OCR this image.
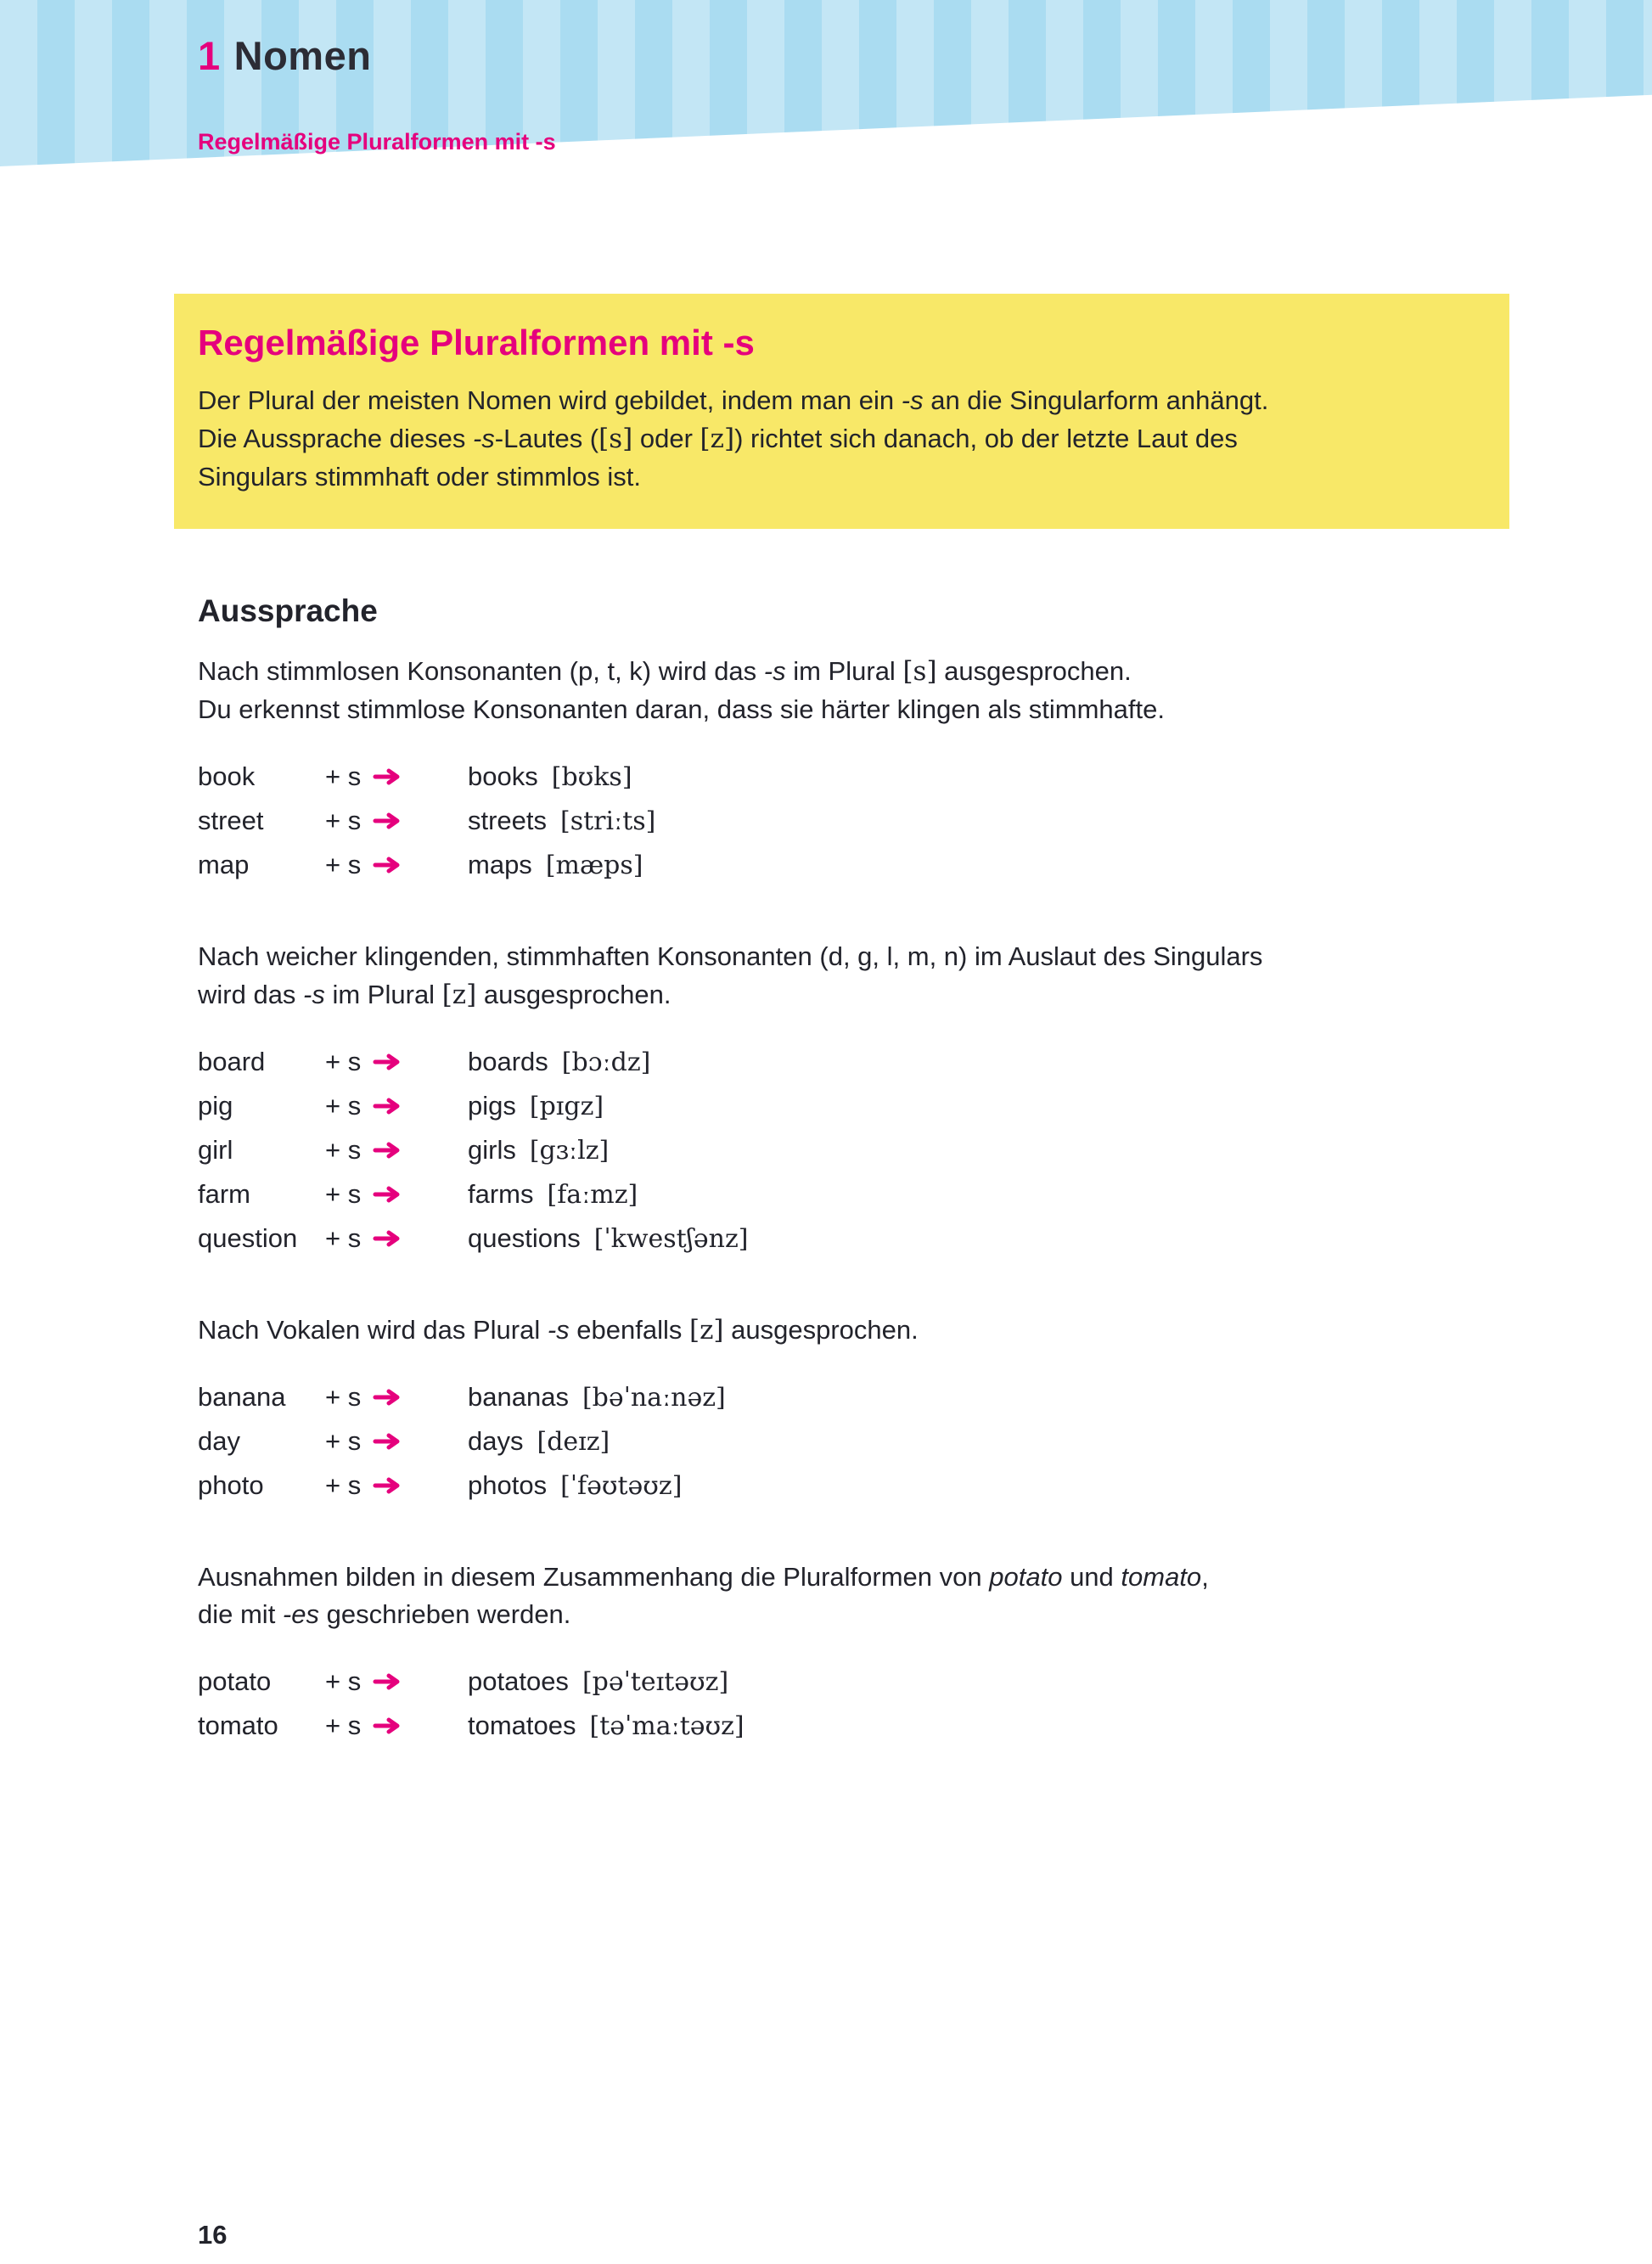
1 Nomen
Regelmäßige Pluralformen mit -s
Regelmäßige Pluralformen mit -s

Der Plural der meisten Nomen wird gebildet, indem man ein -s an die Singularform anhängt.
Die Aussprache dieses -s-Lautes ([s] oder [z]) richtet sich danach, ob der letzte Laut des
Singulars stimmhaft oder stimmlos ist.

Aussprache

Nach stimmlosen Konsonanten (p, t, k) wird das -s im Plural [s] ausgesprochen.
Du erkennst stimmlose Konsonanten daran, dass sie härter klingen als stimmhafte.

book	+ s	books [bʊks]
street	+ s	streets [striːts]
map	+ s	maps [mæps]

Nach weicher klingenden, stimmhaften Konsonanten (d, g, l, m, n) im Auslaut des Singulars
wird das -s im Plural [z] ausgesprochen.

board	+ s	boards [bɔːdz]
pig	+ s	pigs [pɪgz]
girl	+ s	girls [gɜːlz]
farm	+ s	farms [faːmz]
question	+ s	questions [ˈkwestʃənz]

Nach Vokalen wird das Plural -s ebenfalls [z] ausgesprochen.

banana	+ s	bananas [bəˈnaːnəz]
day	+ s	days [deɪz]
photo	+ s	photos [ˈfəʊtəʊz]

Ausnahmen bilden in diesem Zusammenhang die Pluralformen von potato und tomato,
die mit -es geschrieben werden.

potato	+ s	potatoes [pəˈteɪtəʊz]
tomato	+ s	tomatoes [təˈmaːtəʊz]
16
